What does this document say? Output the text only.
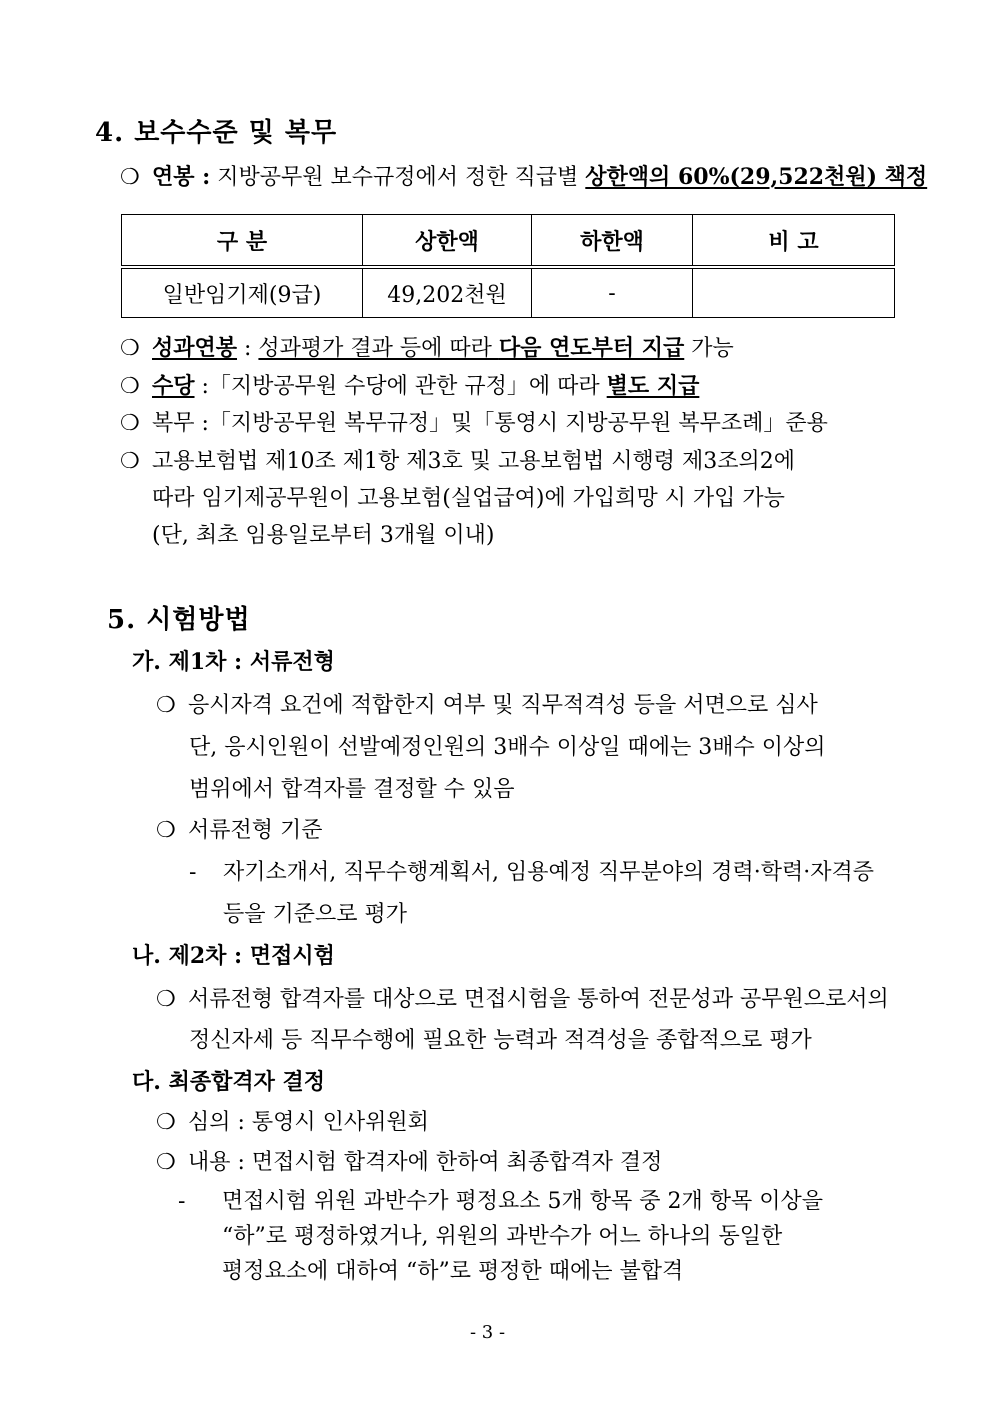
4. 보수수준 및 복무
❍ 연봉 : 지방공무원 보수규정에서 정한 직급별 상한액의 60%(29,522천원) 책정
구 분	상한액	하한액	비 고
일반임기제(9급)	49,202천원	-	
❍ 성과연봉 : 성과평가 결과 등에 따라 다음 연도부터 지급 가능
❍ 수당 :「지방공무원 수당에 관한 규정」에 따라 별도 지급
❍ 복무 :「지방공무원 복무규정」및「통영시 지방공무원 복무조례」준용
❍ 고용보험법 제10조 제1항 제3호 및 고용보험법 시행령 제3조의2에
따라 임기제공무원이 고용보험(실업급여)에 가입희망 시 가입 가능
(단, 최초 임용일로부터 3개월 이내)
5. 시험방법
가. 제1차 : 서류전형
❍ 응시자격 요건에 적합한지 여부 및 직무적격성 등을 서면으로 심사
단, 응시인원이 선발예정인원의 3배수 이상일 때에는 3배수 이상의
범위에서 합격자를 결정할 수 있음
❍ 서류전형 기준
- 자기소개서, 직무수행계획서, 임용예정 직무분야의 경력·학력·자격증
등을 기준으로 평가
나. 제2차 : 면접시험
❍ 서류전형 합격자를 대상으로 면접시험을 통하여 전문성과 공무원으로서의
정신자세 등 직무수행에 필요한 능력과 적격성을 종합적으로 평가
다. 최종합격자 결정
❍ 심의 : 통영시 인사위원회
❍ 내용 : 면접시험 합격자에 한하여 최종합격자 결정
- 면접시험 위원 과반수가 평정요소 5개 항목 중 2개 항목 이상을
“하”로 평정하였거나, 위원의 과반수가 어느 하나의 동일한
평정요소에 대하여 “하”로 평정한 때에는 불합격
- 3 -
